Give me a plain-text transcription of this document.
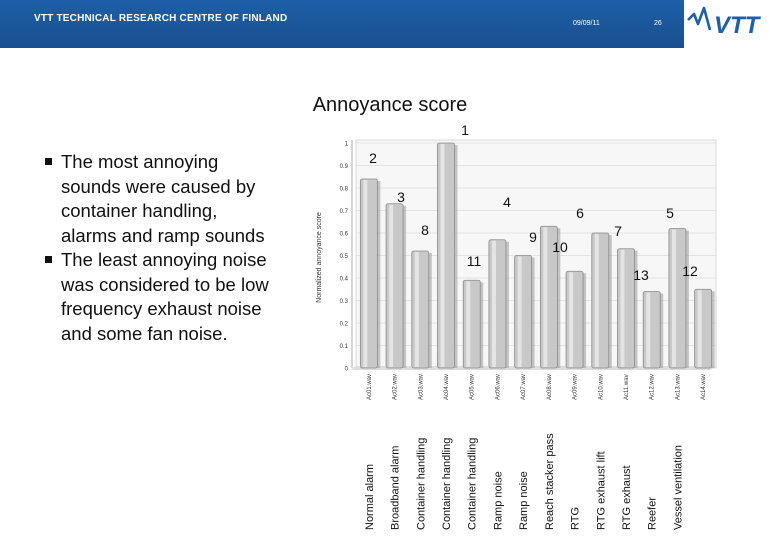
VTT TECHNICAL RESEARCH CENTRE OF FINLAND	09/09/11	26 VTT
Annoyance score
The most annoying sounds were caused by container handling, alarms and ramp sounds
The least annoying noise was considered to be low frequency exhaust noise and some fan noise.
0
0.1
0.2
0.3
0.4
0.5
0.6
0.7
0.8
0.9
1
Normalized annoyance score
Ac01.wav
Normal alarm
Ac02.wav
Broadband alarm
Ac03.wav
Container handling
Ac04.wav
Container handling
Ac05.wav
Container handling
Ac06.wav
Ramp noise
Ac07.wav
Ramp noise
Ac08.wav
Reach stacker pass
Ac09.wav
RTG
Ac10.wav
RTG exhaust lift
Ac11.wav
RTG exhaust
Ac12.wav
Reefer
Ac13.wav
Vessel ventilation
Ac14.wav
2
3
8
1
11
4
9
6
10
7
13
5
12
